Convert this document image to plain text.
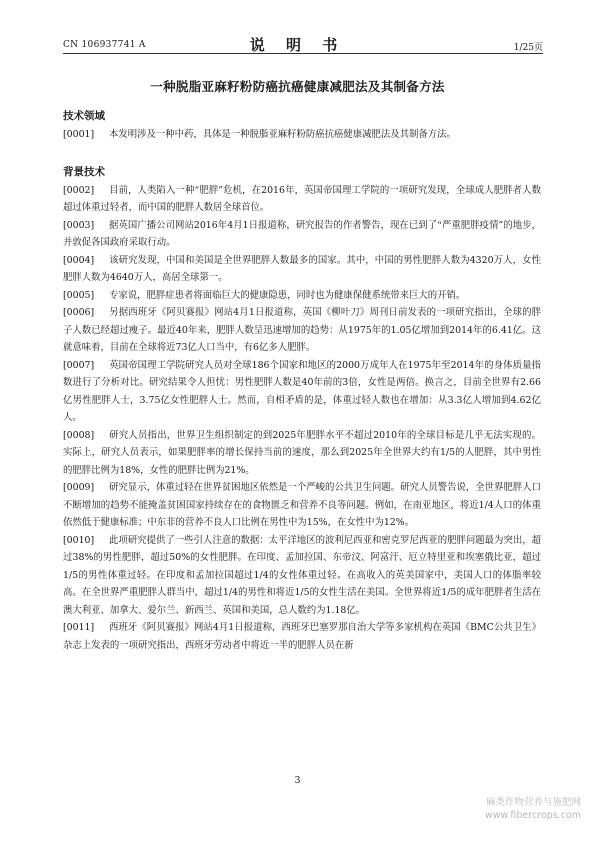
CN 106937741 A	说 明 书	1/25页
一种脱脂亚麻籽粉防癌抗癌健康减肥法及其制备方法
技术领域

[0001] 本发明涉及一种中药，具体是一种脱脂亚麻籽粉防癌抗癌健康减肥法及其制备方法。

背景技术

[0002] 目前，人类陷入一种“肥胖”危机，在2016年，英国帝国理工学院的一项研究发现，全球成人肥胖者人数超过体重过轻者，而中国的肥胖人数居全球首位。

[0003] 据英国广播公司网站2016年4月1日报道称，研究报告的作者警告，现在已到了“严重肥胖疫情”的地步，并敦促各国政府采取行动。

[0004] 该研究发现，中国和美国是全世界肥胖人数最多的国家。其中，中国的男性肥胖人数为4320万人，女性肥胖人数为4640万人，高居全球第一。

[0005] 专家说，肥胖症患者将面临巨大的健康隐患，同时也为健康保健系统带来巨大的开销。

[0006] 另据西班牙《阿贝赛报》网站4月1日报道称，英国《柳叶刀》周刊日前发表的一项研究指出，全球的胖子人数已经超过瘦子。最近40年来，肥胖人数呈迅速增加的趋势：从1975年的1.05亿增加到2014年的6.41亿。这就意味着，目前在全球将近73亿人口当中，有6亿多人肥胖。

[0007] 英国帝国理工学院研究人员对全球186个国家和地区的2000万成年人在1975年至2014年的身体质量指数进行了分析对比。研究结果令人担忧：男性肥胖人数是40年前的3倍，女性是两倍。换言之，目前全世界有2.66亿男性肥胖人士，3.75亿女性肥胖人士。然而，自相矛盾的是，体重过轻人数也在增加：从3.3亿人增加到4.62亿人。

[0008] 研究人员指出，世界卫生组织制定的到2025年肥胖水平不超过2010年的全球目标是几乎无法实现的。实际上，研究人员表示，如果肥胖率的增长保持当前的速度，那么到2025年全世界大约有1/5的人肥胖，其中男性的肥胖比例为18%，女性的肥胖比例为21%。

[0009] 研究显示，体重过轻在世界贫困地区依然是一个严峻的公共卫生问题。研究人员警告说，全世界肥胖人口不断增加的趋势不能掩盖贫困国家持续存在的食物匮乏和营养不良等问题。例如，在南亚地区，将近1/4人口的体重依然低于健康标准；中东非的营养不良人口比例在男性中为15%，在女性中为12%。

[0010] 此项研究提供了一些引人注意的数据：太平洋地区的波利尼西亚和密克罗尼西亚的肥胖问题最为突出，超过38%的男性肥胖，超过50%的女性肥胖。在印度、孟加拉国、东帝汶、阿富汗、厄立特里亚和埃塞俄比亚，超过1/5的男性体重过轻。在印度和孟加拉国超过1/4的女性体重过轻。在高收入的英美国家中，美国人口的体脂率较高。在全世界严重肥胖人群当中，超过1/4的男性和将近1/5的女性生活在美国。全世界将近1/5的成年肥胖者生活在澳大利亚、加拿大、爱尔兰、新西兰、英国和美国，总人数约为1.18亿。

[0011] 西班牙《阿贝赛报》网站4月1日报道称，西班牙巴塞罗那自治大学等多家机构在英国《BMC公共卫生》杂志上发表的一项研究指出，西班牙劳动者中将近一半的肥胖人员在新

3
麻类作物营养与施肥网
www.fibercrops.com
